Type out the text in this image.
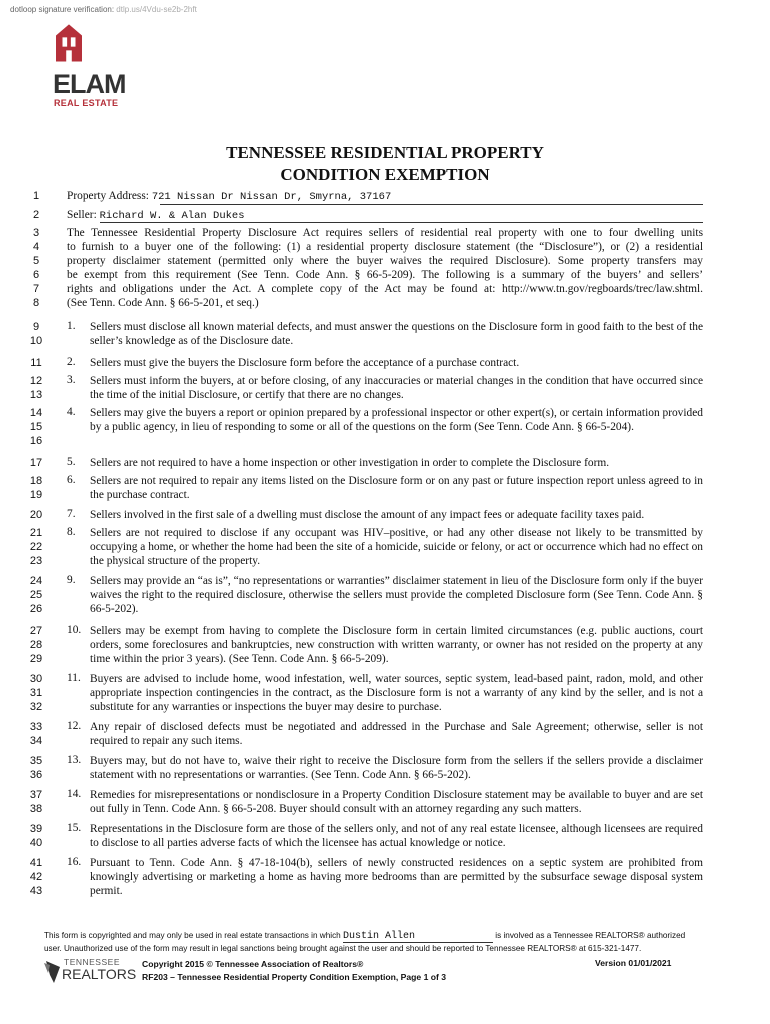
dotloop signature verification: dtlp.us/4Vdu-se2b-2hft
ELAM
REAL ESTATE
TENNESSEE RESIDENTIAL PROPERTY
CONDITION EXEMPTION
1
2
3
4
5
6
7
8
9
10
11
12
13
14
15
16
17
18
19
20
21
22
23
24
25
26
27
28
29
30
31
32
33
34
35
36
37
38
39
40
41
42
43
Property Address: 721 Nissan Dr Nissan Dr, Smyrna, 37167
Seller: Richard W. & Alan Dukes
The Tennessee Residential Property Disclosure Act requires sellers of residential real property with one to four dwelling units
to furnish to a buyer one of the following: (1) a residential property disclosure statement (the “Disclosure”), or (2) a residential
property disclaimer statement (permitted only where the buyer waives the required Disclosure). Some property transfers may
be exempt from this requirement (See Tenn. Code Ann. § 66-5-209). The following is a summary of the buyers’ and sellers’
rights and obligations under the Act. A complete copy of the Act may be found at: http://www.tn.gov/regboards/trec/law.shtml.
(See Tenn. Code Ann. § 66-5-201, et seq.)
1.	Sellers must disclose all known material defects, and must answer the questions on the Disclosure form in good faith to the best of the seller’s knowledge as of the Disclosure date.
2.	Sellers must give the buyers the Disclosure form before the acceptance of a purchase contract.
3.	Sellers must inform the buyers, at or before closing, of any inaccuracies or material changes in the condition that have occurred since the time of the initial Disclosure, or certify that there are no changes.
4.	Sellers may give the buyers a report or opinion prepared by a professional inspector or other expert(s), or certain information provided by a public agency, in lieu of responding to some or all of the questions on the form (See Tenn. Code Ann. § 66-5-204).
5.	Sellers are not required to have a home inspection or other investigation in order to complete the Disclosure form.
6.	Sellers are not required to repair any items listed on the Disclosure form or on any past or future inspection report unless agreed to in the purchase contract.
7.	Sellers involved in the first sale of a dwelling must disclose the amount of any impact fees or adequate facility taxes paid.
8.	Sellers are not required to disclose if any occupant was HIV–positive, or had any other disease not likely to be transmitted by occupying a home, or whether the home had been the site of a homicide, suicide or felony, or act or occurrence which had no effect on the physical structure of the property.
9.	Sellers may provide an “as is”, “no representations or warranties” disclaimer statement in lieu of the Disclosure form only if the buyer waives the right to the required disclosure, otherwise the sellers must provide the completed Disclosure form (See Tenn. Code Ann. § 66-5-202).
10. Sellers may be exempt from having to complete the Disclosure form in certain limited circumstances (e.g. public auctions, court orders, some foreclosures and bankruptcies, new construction with written warranty, or owner has not resided on the property at any time within the prior 3 years). (See Tenn. Code Ann. § 66-5-209).
11. Buyers are advised to include home, wood infestation, well, water sources, septic system, lead-based paint, radon, mold, and other appropriate inspection contingencies in the contract, as the Disclosure form is not a warranty of any kind by the seller, and is not a substitute for any warranties or inspections the buyer may desire to purchase.
12. Any repair of disclosed defects must be negotiated and addressed in the Purchase and Sale Agreement; otherwise, seller is not required to repair any such items.
13. Buyers may, but do not have to, waive their right to receive the Disclosure form from the sellers if the sellers provide a disclaimer statement with no representations or warranties. (See Tenn. Code Ann. § 66-5-202).
14. Remedies for misrepresentations or nondisclosure in a Property Condition Disclosure statement may be available to buyer and are set out fully in Tenn. Code Ann. § 66-5-208. Buyer should consult with an attorney regarding any such matters.
15. Representations in the Disclosure form are those of the sellers only, and not of any real estate licensee, although licensees are required to disclose to all parties adverse facts of which the licensee has actual knowledge or notice.
16. Pursuant to Tenn. Code Ann. § 47-18-104(b), sellers of newly constructed residences on a septic system are prohibited from knowingly advertising or marketing a home as having more bedrooms than are permitted by the subsurface sewage disposal system permit.
This form is copyrighted and may only be used in real estate transactions in which Dustin Allen	is involved as a Tennessee REALTORS® authorized
user. Unauthorized use of the form may result in legal sanctions being brought against the user and should be reported to Tennessee REALTORS® at 615-321-1477.
TENNESSEE
REALTORS
Copyright 2015 © Tennessee Association of Realtors®
RF203 – Tennessee Residential Property Condition Exemption, Page 1 of 3
Version 01/01/2021
